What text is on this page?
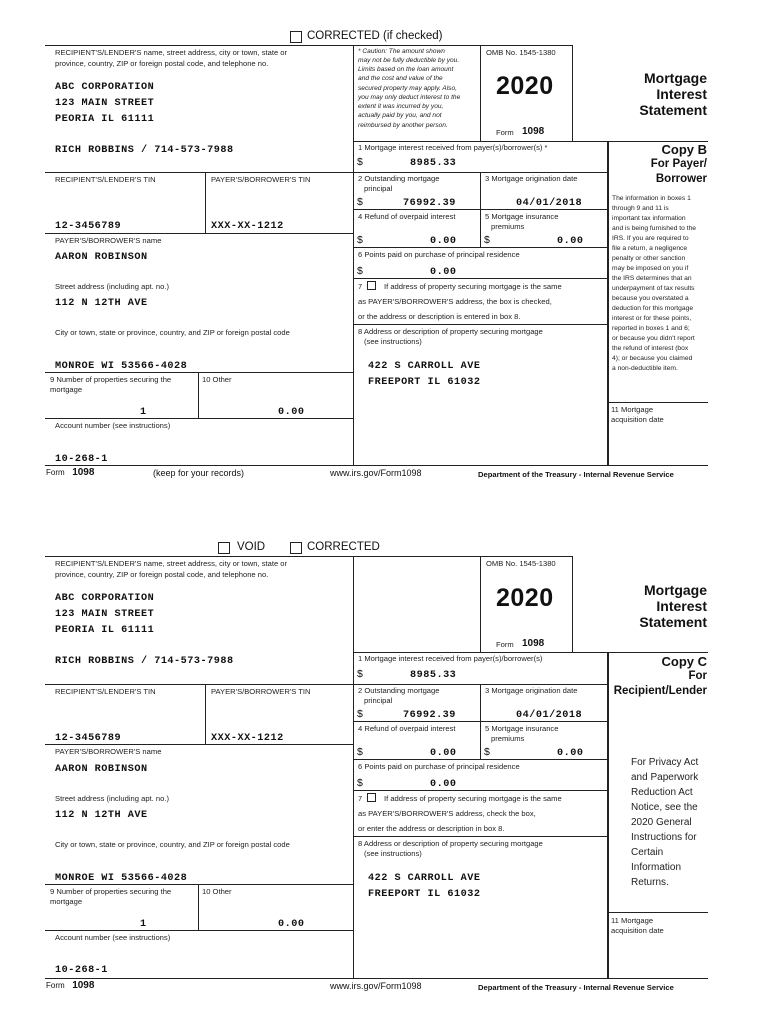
CORRECTED (if checked)
RECIPIENT'S/LENDER'S name, street address, city or town, state or
province, country, ZIP or foreign postal code, and telephone no.
ABC CORPORATION
123 MAIN STREET
PEORIA IL 61111
RICH ROBBINS / 714-573-7988
* Caution: The amount shown
may not be fully deductible by you.
Limits based on the loan amount
and the cost and value of the
secured property may apply. Also,
you may only deduct interest to the
extent it was incurred by you,
actually paid by you, and not
reimbursed by another person.
OMB No. 1545-1380
2020
Form 1098
Mortgage
Interest
Statement
Copy B
For Payer/
Borrower
1 Mortgage interest received from payer(s)/borrower(s) *
$	8985.33
RECIPIENT'S/LENDER'S TIN	PAYER'S/BORROWER'S TIN
12-3456789	XXX-XX-1212
2 Outstanding mortgage
principal
$	76992.39
3 Mortgage origination date
04/01/2018
4 Refund of overpaid interest
$	0.00
5 Mortgage insurance
premiums
$	0.00
PAYER'S/BORROWER'S name
AARON ROBINSON	6 Points paid on purchase of principal residence
$	0.00
Street address (including apt. no.)
112 N 12TH AVE
7	If address of property securing mortgage is the same
as PAYER'S/BORROWER'S address, the box is checked,
or the address or description is entered in box 8.
City or town, state or province, country, and ZIP or foreign postal code
MONROE WI 53566-4028
8 Address or description of property securing mortgage
(see instructions)
422 S CARROLL AVE
FREEPORT IL 61032
9 Number of properties securing the
mortgage
1
10 Other
0.00
Account number (see instructions)
10-268-1
The information in boxes 1
through 9 and 11 is
important tax information
and is being furnished to the
IRS. If you are required to
file a return, a negligence
penalty or other sanction
may be imposed on you if
the IRS determines that an
underpayment of tax results
because you overstated a
deduction for this mortgage
interest or for these points,
reported in boxes 1 and 6;
or because you didn't report
the refund of interest (box
4); or because you claimed
a non-deductible item.
11 Mortgage
acquisition date
Form 1098	(keep for your records)	www.irs.gov/Form1098	Department of the Treasury - Internal Revenue Service
VOID	CORRECTED
RECIPIENT'S/LENDER'S name, street address, city or town, state or
province, country, ZIP or foreign postal code, and telephone no.
ABC CORPORATION
123 MAIN STREET
PEORIA IL 61111
RICH ROBBINS / 714-573-7988
OMB No. 1545-1380
2020
Form 1098
Mortgage
Interest
Statement
Copy C
For
Recipient/Lender
1 Mortgage interest received from payer(s)/borrower(s)
$	8985.33
RECIPIENT'S/LENDER'S TIN	PAYER'S/BORROWER'S TIN
12-3456789	XXX-XX-1212
2 Outstanding mortgage
principal
$	76992.39
3 Mortgage origination date
04/01/2018
4 Refund of overpaid interest
$	0.00
5 Mortgage insurance
premiums
$	0.00
PAYER'S/BORROWER'S name
AARON ROBINSON	6 Points paid on purchase of principal residence
$	0.00
Street address (including apt. no.)
112 N 12TH AVE
7	If address of property securing mortgage is the same
as PAYER'S/BORROWER'S address, check the box,
or enter the address or description in box 8.
City or town, state or province, country, and ZIP or foreign postal code
MONROE WI 53566-4028
8 Address or description of property securing mortgage
(see instructions)
422 S CARROLL AVE
FREEPORT IL 61032
9 Number of properties securing the
mortgage
1
10 Other
0.00
Account number (see instructions)
10-268-1
For Privacy Act
and Paperwork
Reduction Act
Notice, see the
2020 General
Instructions for
Certain
Information
Returns.
11 Mortgage
acquisition date
Form 1098	www.irs.gov/Form1098	Department of the Treasury - Internal Revenue Service
